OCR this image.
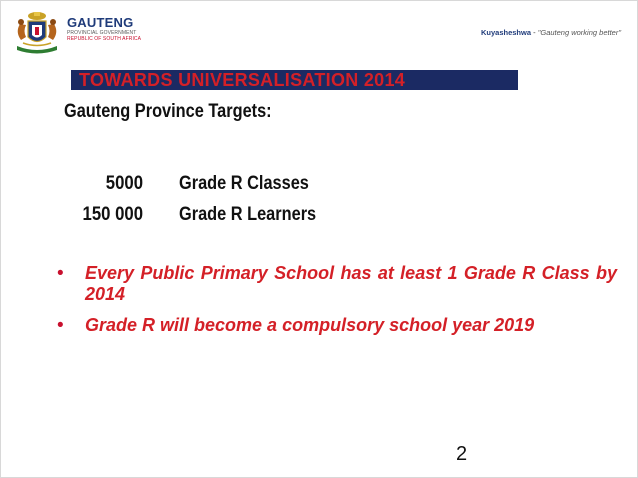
GAUTENG
PROVINCIAL GOVERNMENT
REPUBLIC OF SOUTH AFRICA
Kuyasheshwa - "Gauteng working better"
TOWARDS UNIVERSALISATION 2014
Gauteng Province Targets:
5000 Grade R Classes
150 000 Grade R Learners
• Every Public Primary School has at least 1 Grade R Class by 2014
• Grade R will become a compulsory school year 2019
2
